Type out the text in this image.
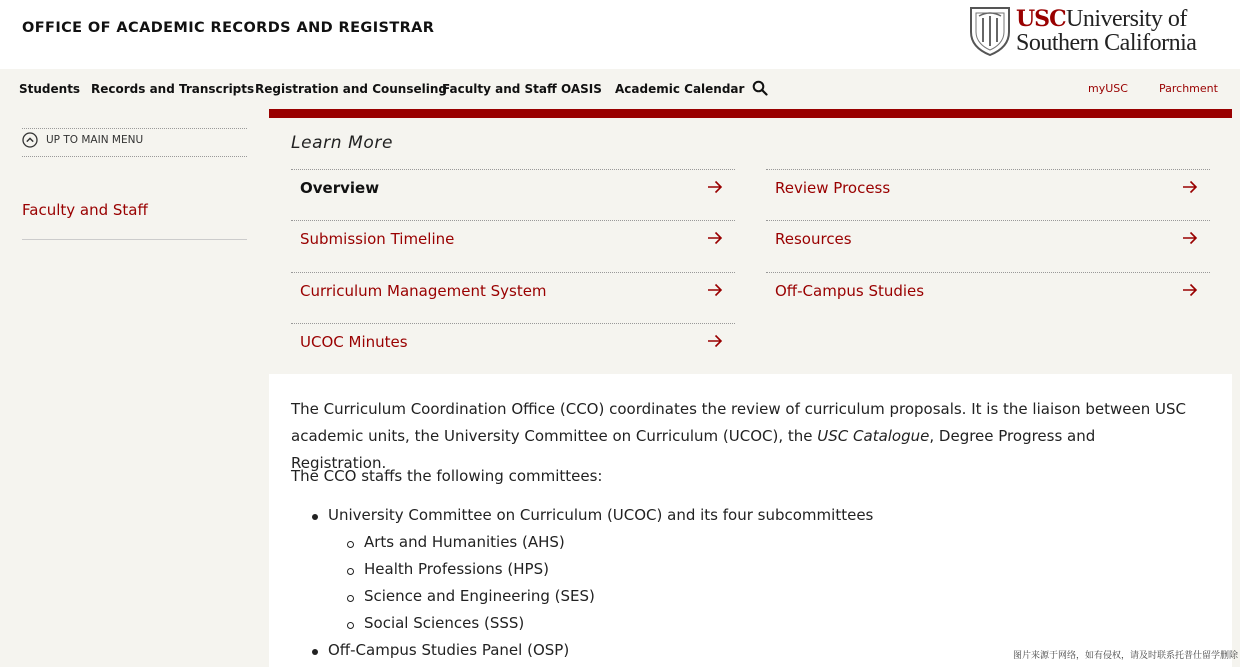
OFFICE OF ACADEMIC RECORDS AND REGISTRAR	USC University of
Southern California
Students Records and Transcripts Registration and Counseling
Faculty and Staff OASIS Academic Calendar	myUSC	Parchment
UP TO MAIN MENU
Faculty and Staff
Learn More
Overview
Submission Timeline
Curriculum Management System
UCOC Minutes
Review Process
Resources
Off-Campus Studies
The Curriculum Coordination Office (CCO) coordinates the review of curriculum proposals. It is the liaison between USC academic units, the University Committee on Curriculum (UCOC), the USC Catalogue, Degree Progress and Registration.
The CCO staffs the following committees:
University Committee on Curriculum (UCOC) and its four subcommittees
Arts and Humanities (AHS)
Health Professions (HPS)
Science and Engineering (SES)
Social Sciences (SSS)
Off-Campus Studies Panel (OSP)	图片来源于网络，如有侵权，请及时联系托普仕留学删除
